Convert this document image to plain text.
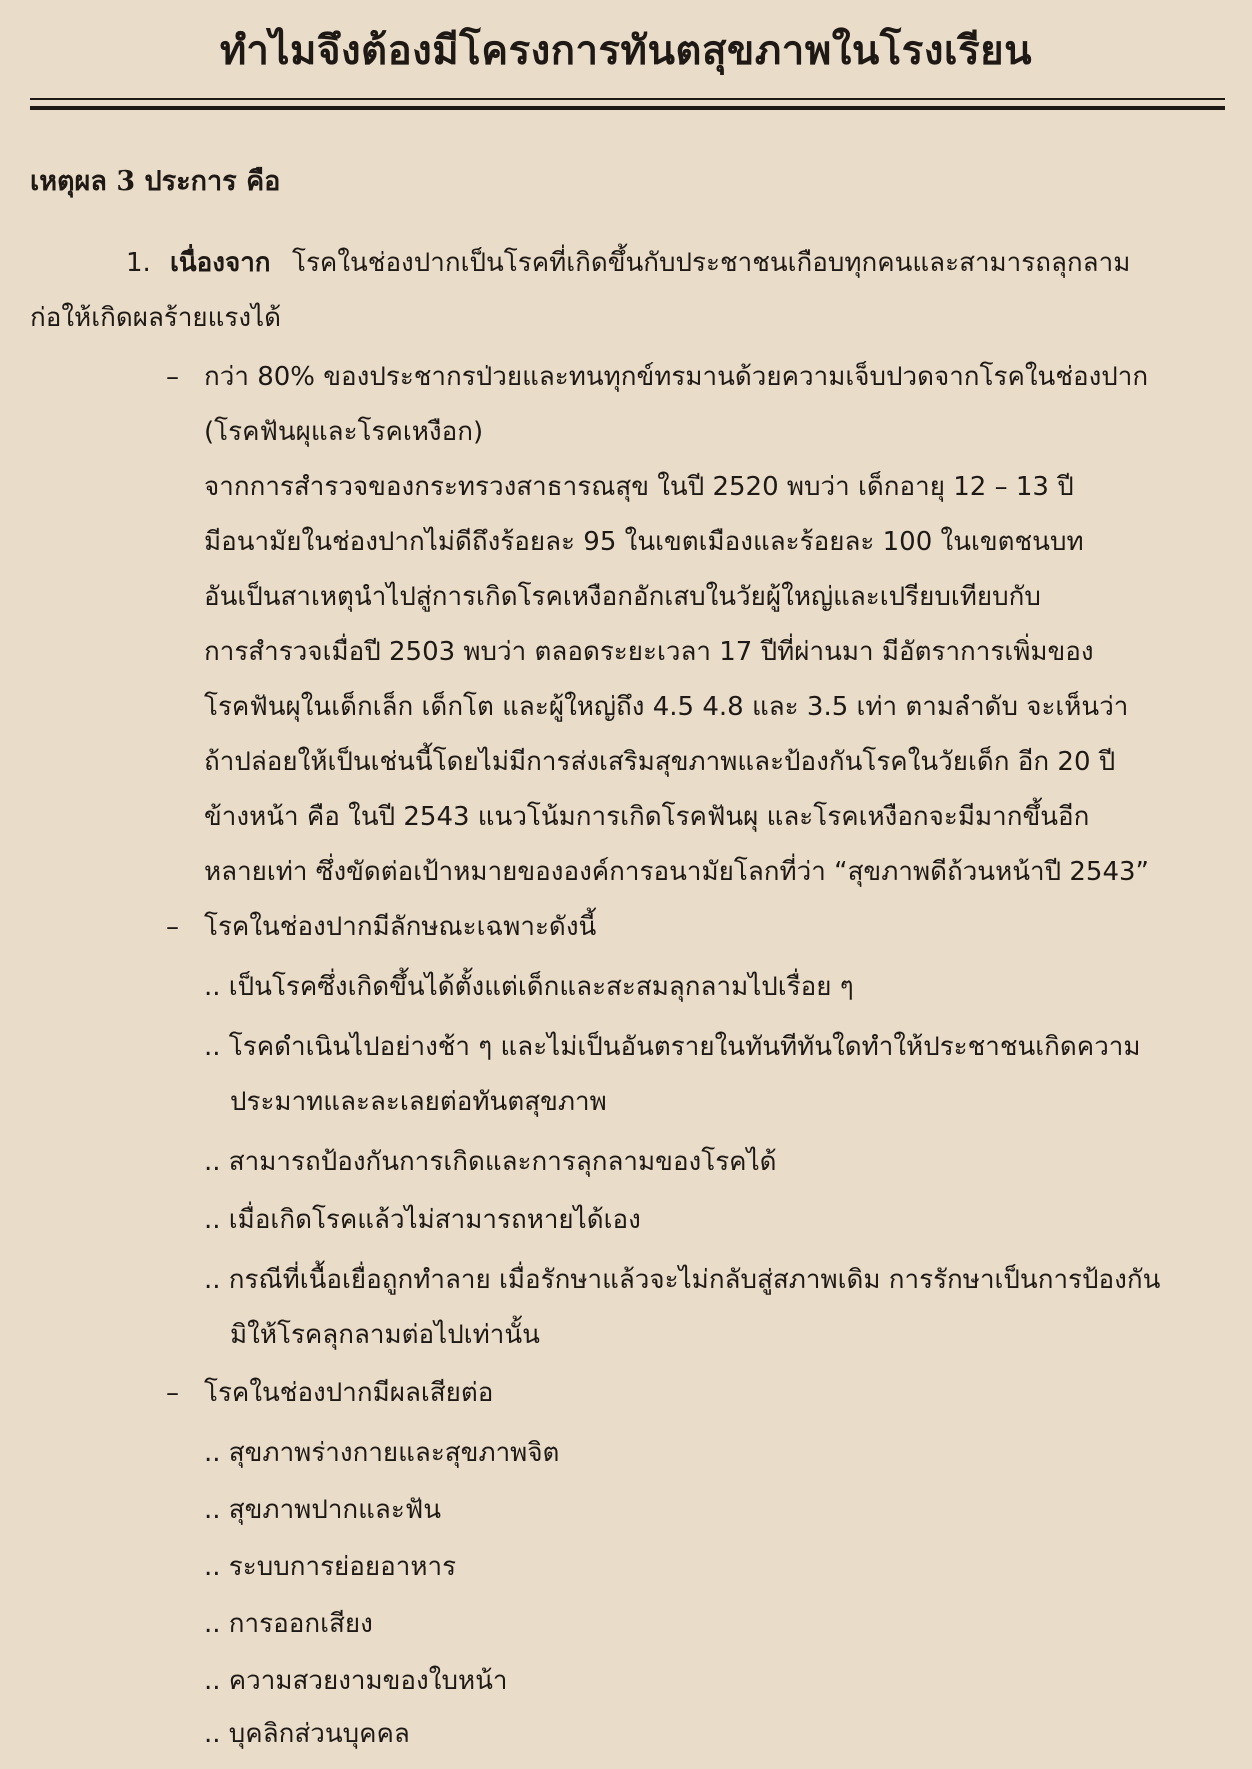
ทำไมจึงต้องมีโครงการทันตสุขภาพในโรงเรียน
เหตุผล 3 ประการ คือ
1. เนื่องจาก โรคในช่องปากเป็นโรคที่เกิดขึ้นกับประชาชนเกือบทุกคนและสามารถลุกลาม
ก่อให้เกิดผลร้ายแรงได้
– กว่า 80% ของประชากรป่วยและทนทุกข์ทรมานด้วยความเจ็บปวดจากโรคในช่องปาก
(โรคฟันผุและโรคเหงือก)
จากการสำรวจของกระทรวงสาธารณสุข ในปี 2520 พบว่า เด็กอายุ 12 – 13 ปี
มีอนามัยในช่องปากไม่ดีถึงร้อยละ 95 ในเขตเมืองและร้อยละ 100 ในเขตชนบท
อันเป็นสาเหตุนำไปสู่การเกิดโรคเหงือกอักเสบในวัยผู้ใหญ่และเปรียบเทียบกับ
การสำรวจเมื่อปี 2503 พบว่า ตลอดระยะเวลา 17 ปีที่ผ่านมา มีอัตราการเพิ่มของ
โรคฟันผุในเด็กเล็ก เด็กโต และผู้ใหญ่ถึง 4.5 4.8 และ 3.5 เท่า ตามลำดับ จะเห็นว่า
ถ้าปล่อยให้เป็นเช่นนี้โดยไม่มีการส่งเสริมสุขภาพและป้องกันโรคในวัยเด็ก อีก 20 ปี
ข้างหน้า คือ ในปี 2543 แนวโน้มการเกิดโรคฟันผุ และโรคเหงือกจะมีมากขึ้นอีก
หลายเท่า ซึ่งขัดต่อเป้าหมายขององค์การอนามัยโลกที่ว่า “สุขภาพดีถ้วนหน้าปี 2543”
– โรคในช่องปากมีลักษณะเฉพาะดังนี้
.. เป็นโรคซึ่งเกิดขึ้นได้ตั้งแต่เด็กและสะสมลุกลามไปเรื่อย ๆ
.. โรคดำเนินไปอย่างช้า ๆ และไม่เป็นอันตรายในทันทีทันใดทำให้ประชาชนเกิดความ
ประมาทและละเลยต่อทันตสุขภาพ
.. สามารถป้องกันการเกิดและการลุกลามของโรคได้
.. เมื่อเกิดโรคแล้วไม่สามารถหายได้เอง
.. กรณีที่เนื้อเยื่อถูกทำลาย เมื่อรักษาแล้วจะไม่กลับสู่สภาพเดิม การรักษาเป็นการป้องกัน
มิให้โรคลุกลามต่อไปเท่านั้น
– โรคในช่องปากมีผลเสียต่อ
.. สุขภาพร่างกายและสุขภาพจิต
.. สุขภาพปากและฟัน
.. ระบบการย่อยอาหาร
.. การออกเสียง
.. ความสวยงามของใบหน้า
.. บุคลิกส่วนบุคคล
